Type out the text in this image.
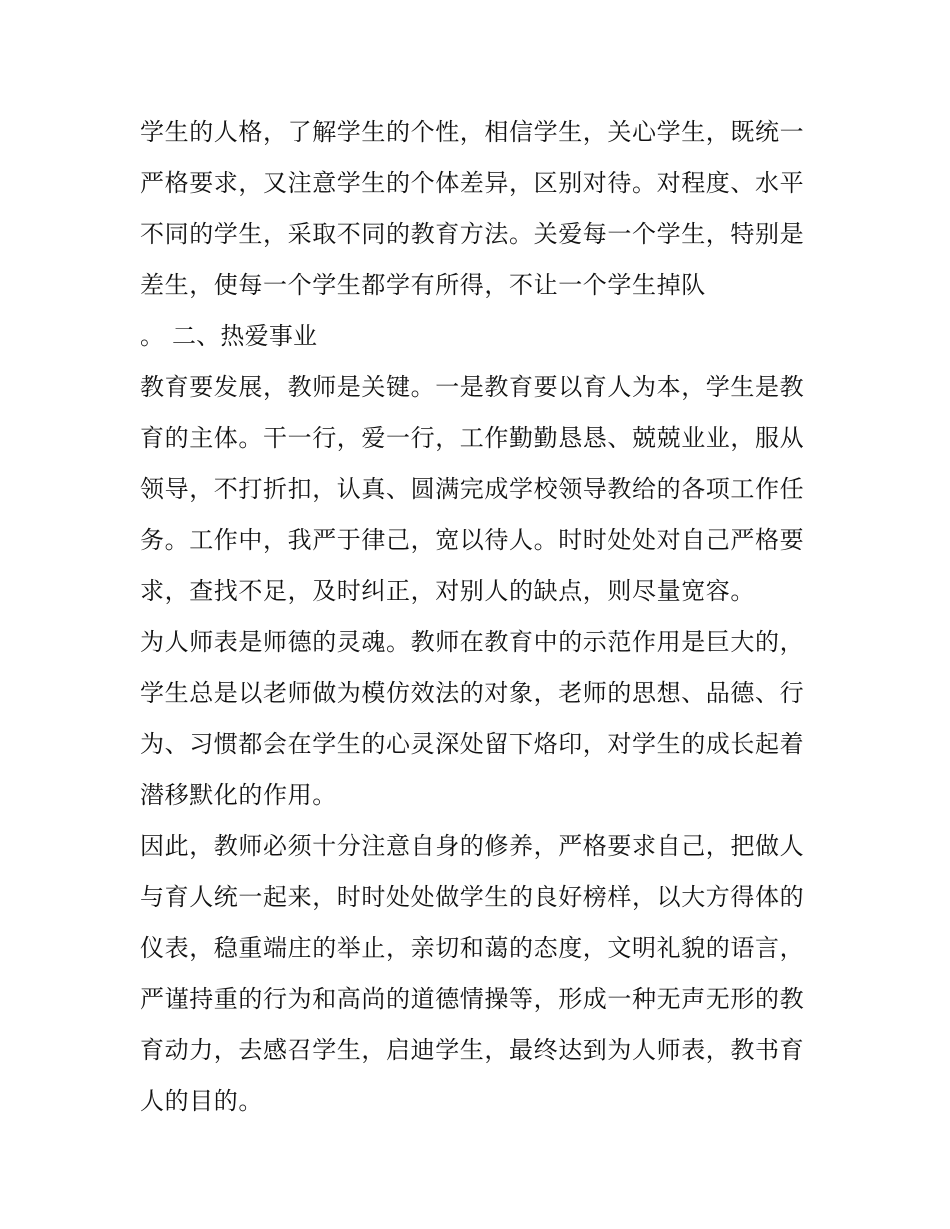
学生的人格，了解学生的个性，相信学生，关心学生，既统一
严格要求，又注意学生的个体差异，区别对待。对程度、水平
不同的学生，采取不同的教育方法。关爱每一个学生，特别是
差生，使每一个学生都学有所得，不让一个学生掉队
。 二、热爱事业
教育要发展，教师是关键。一是教育要以育人为本，学生是教
育的主体。干一行，爱一行，工作勤勤恳恳、兢兢业业，服从
领导，不打折扣，认真、圆满完成学校领导教给的各项工作任
务。工作中，我严于律己，宽以待人。时时处处对自己严格要
求，查找不足，及时纠正，对别人的缺点，则尽量宽容。
为人师表是师德的灵魂。教师在教育中的示范作用是巨大的，
学生总是以老师做为模仿效法的对象，老师的思想、品德、行
为、习惯都会在学生的心灵深处留下烙印，对学生的成长起着
潜移默化的作用。
因此，教师必须十分注意自身的修养，严格要求自己，把做人
与育人统一起来，时时处处做学生的良好榜样，以大方得体的
仪表，稳重端庄的举止，亲切和蔼的态度，文明礼貌的语言，
严谨持重的行为和高尚的道德情操等，形成一种无声无形的教
育动力，去感召学生，启迪学生，最终达到为人师表，教书育
人的目的。
